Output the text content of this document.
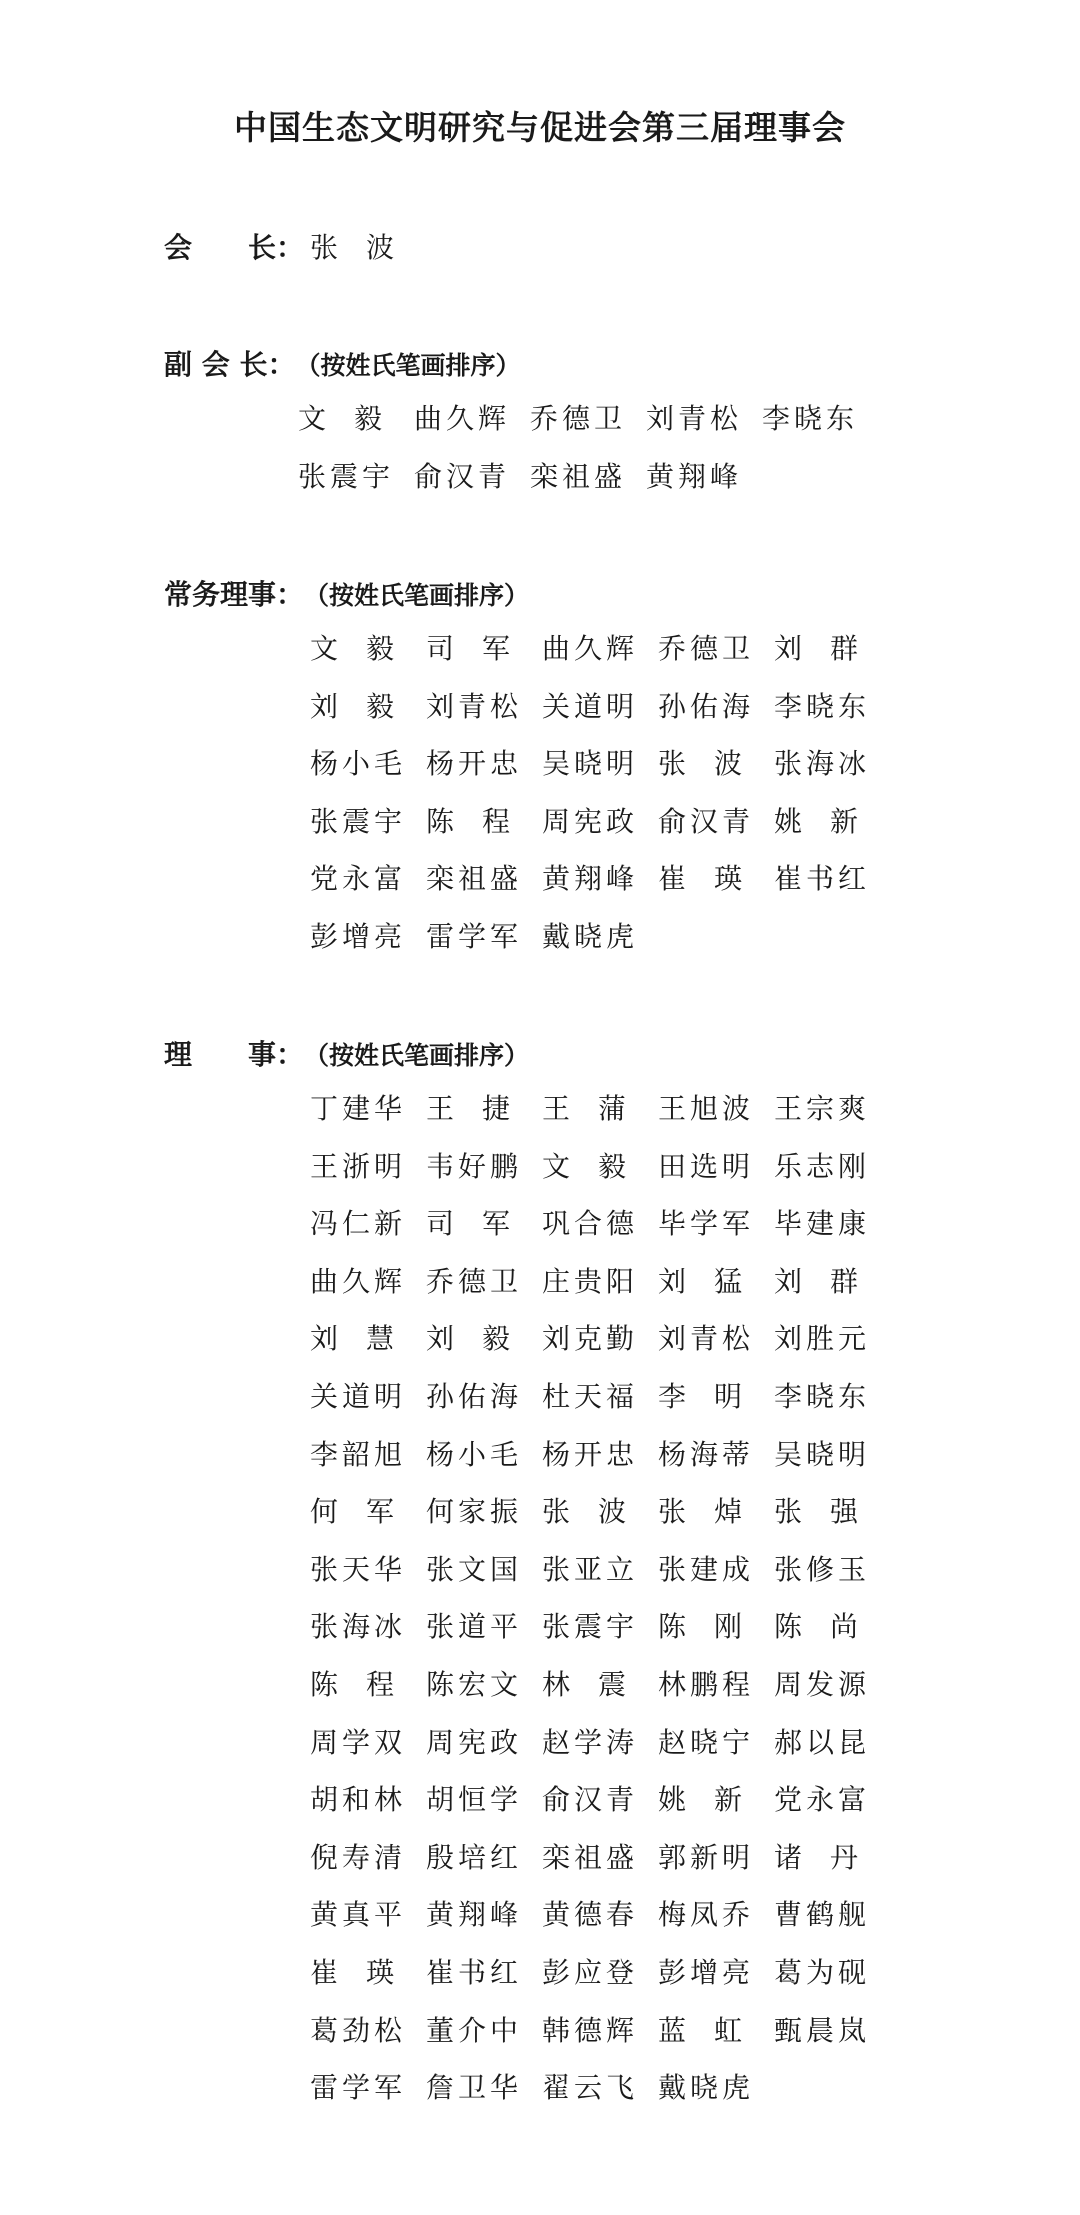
中国生态文明研究与促进会第三届理事会
会　　长： 张波
副 会 长：（按姓氏笔画排序）
文毅 曲久辉 乔德卫 刘青松 李晓东
张震宇 俞汉青 栾祖盛 黄翔峰
常务理事：（按姓氏笔画排序）
文毅 司军 曲久辉 乔德卫 刘群
刘毅 刘青松 关道明 孙佑海 李晓东
杨小毛 杨开忠 吴晓明 张波 张海冰
张震宇 陈程 周宪政 俞汉青 姚新
党永富 栾祖盛 黄翔峰 崔瑛 崔书红
彭增亮 雷学军 戴晓虎
理　　事：（按姓氏笔画排序）
丁建华 王捷 王蒲 王旭波 王宗爽
王浙明 韦好鹏 文毅 田选明 乐志刚
冯仁新 司军 巩合德 毕学军 毕建康
曲久辉 乔德卫 庄贵阳 刘猛 刘群
刘慧 刘毅 刘克勤 刘青松 刘胜元
关道明 孙佑海 杜天福 李明 李晓东
李韶旭 杨小毛 杨开忠 杨海蒂 吴晓明
何军 何家振 张波 张焯 张强
张天华 张文国 张亚立 张建成 张修玉
张海冰 张道平 张震宇 陈刚 陈尚
陈程 陈宏文 林震 林鹏程 周发源
周学双 周宪政 赵学涛 赵晓宁 郝以昆
胡和林 胡恒学 俞汉青 姚新 党永富
倪寿清 殷培红 栾祖盛 郭新明 诸丹
黄真平 黄翔峰 黄德春 梅凤乔 曹鹤舰
崔瑛 崔书红 彭应登 彭增亮 葛为砚
葛劲松 董介中 韩德辉 蓝虹 甄晨岚
雷学军 詹卫华 翟云飞 戴晓虎
